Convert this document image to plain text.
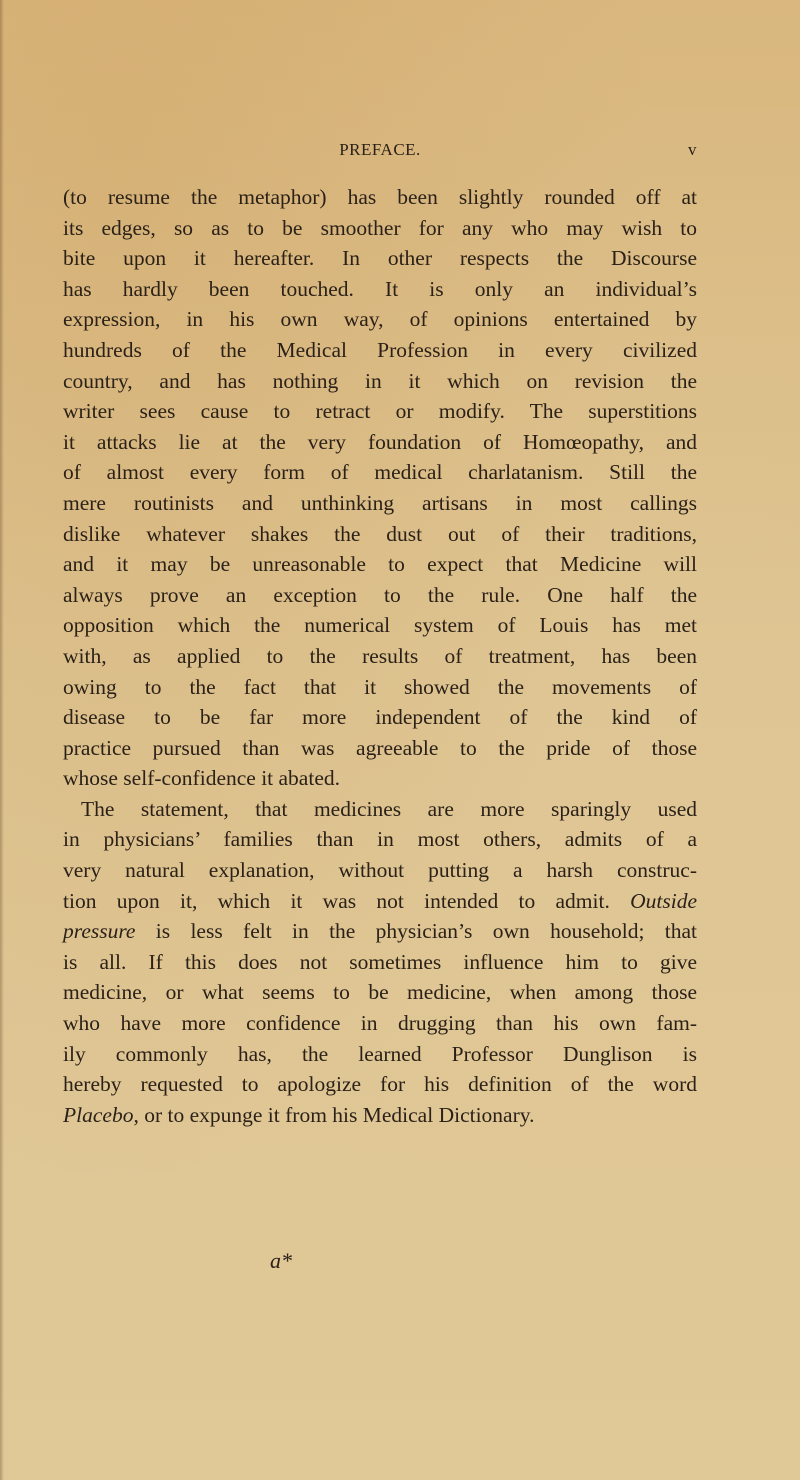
PREFACE.	v
(to resume the metaphor) has been slightly rounded off at
its edges, so as to be smoother for any who may wish to
bite upon it hereafter. In other respects the Discourse
has hardly been touched. It is only an individual’s
expression, in his own way, of opinions entertained by
hundreds of the Medical Profession in every civilized
country, and has nothing in it which on revision the
writer sees cause to retract or modify. The superstitions
it attacks lie at the very foundation of Homœopathy, and
of almost every form of medical charlatanism. Still the
mere routinists and unthinking artisans in most callings
dislike whatever shakes the dust out of their traditions,
and it may be unreasonable to expect that Medicine will
always prove an exception to the rule. One half the
opposition which the numerical system of Louis has met
with, as applied to the results of treatment, has been
owing to the fact that it showed the movements of
disease to be far more independent of the kind of
practice pursued than was agreeable to the pride of those
whose self-confidence it abated.
The statement, that medicines are more sparingly used
in physicians’ families than in most others, admits of a
very natural explanation, without putting a harsh construc-
tion upon it, which it was not intended to admit. Outside
pressure is less felt in the physician’s own household; that
is all. If this does not sometimes influence him to give
medicine, or what seems to be medicine, when among those
who have more confidence in drugging than his own fam-
ily commonly has, the learned Professor Dunglison is
hereby requested to apologize for his definition of the word
Placebo, or to expunge it from his Medical Dictionary.
a*
